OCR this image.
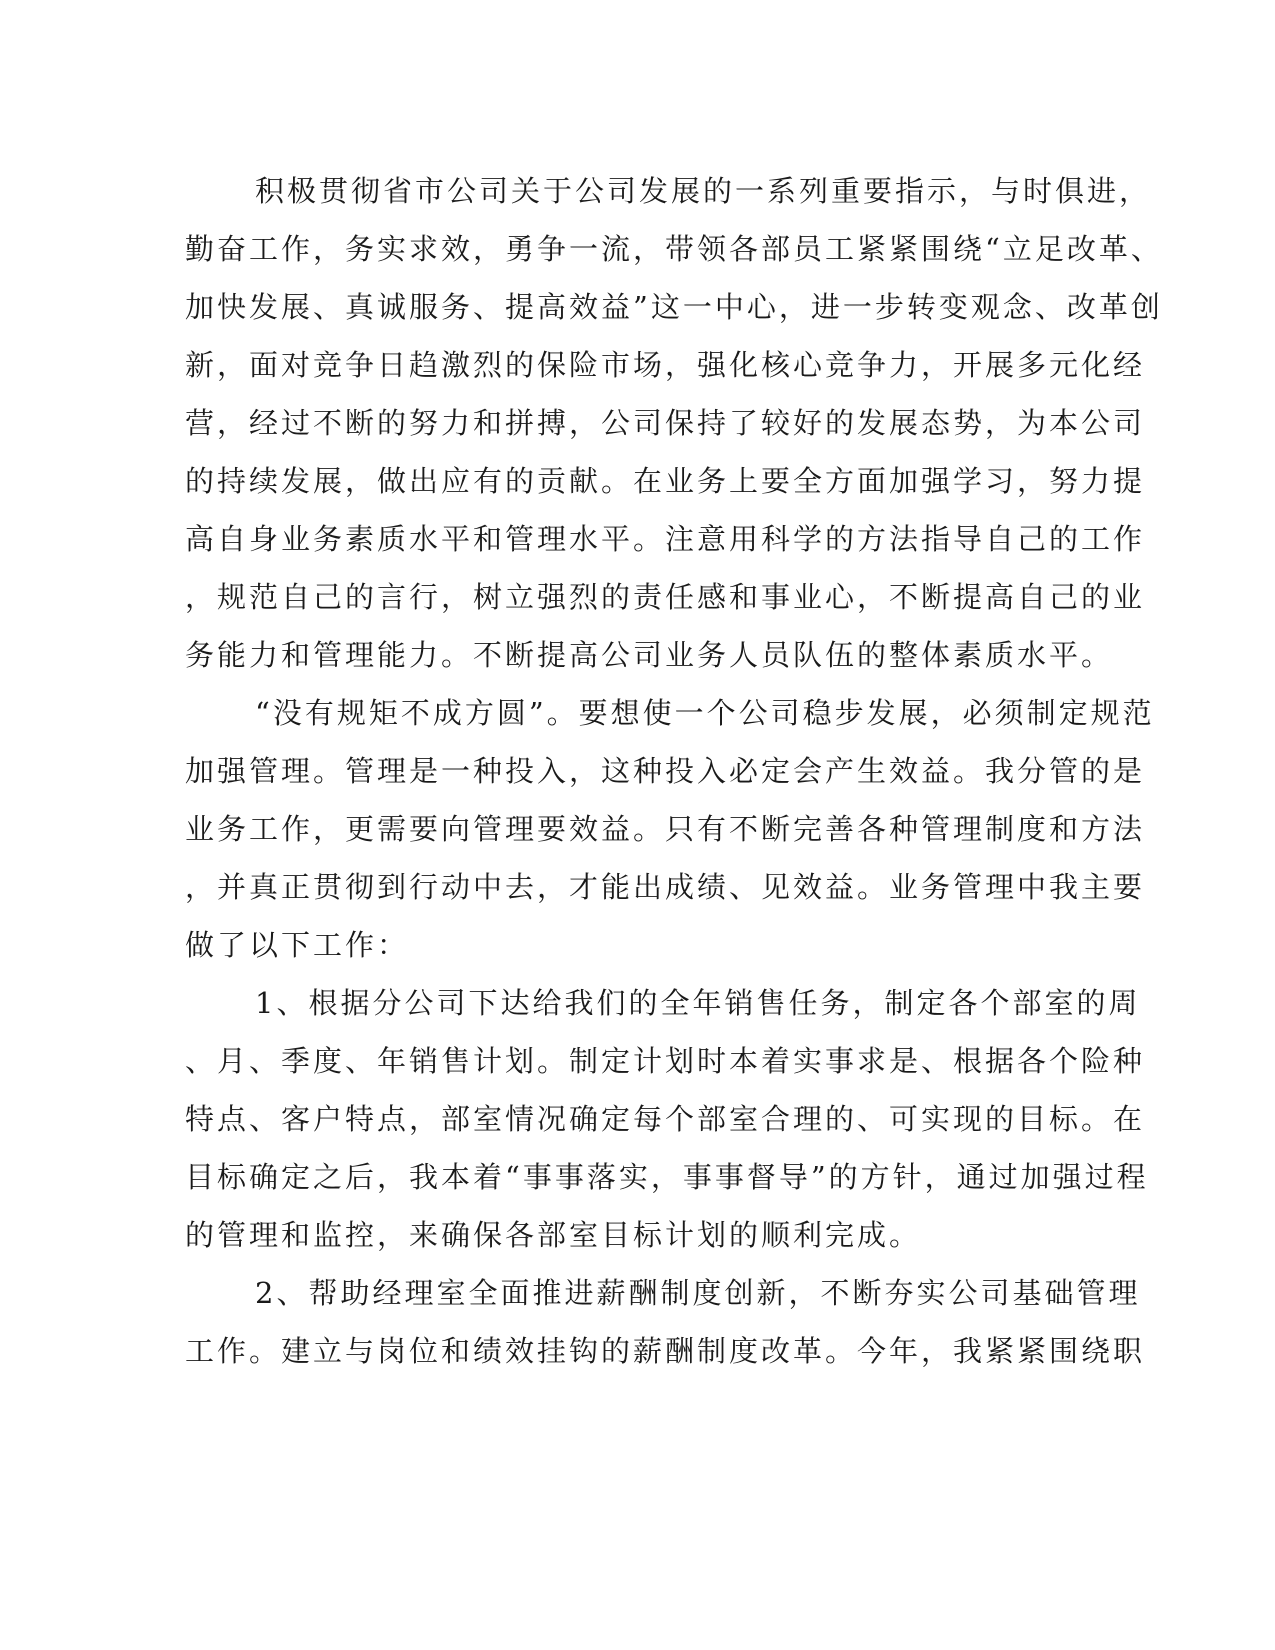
积极贯彻省市公司关于公司发展的一系列重要指示，与时俱进，
勤奋工作，务实求效，勇争一流，带领各部员工紧紧围绕“立足改革、
加快发展、真诚服务、提高效益”这一中心，进一步转变观念、改革创
新，面对竞争日趋激烈的保险市场，强化核心竞争力，开展多元化经
营，经过不断的努力和拼搏，公司保持了较好的发展态势，为本公司
的持续发展，做出应有的贡献。在业务上要全方面加强学习，努力提
高自身业务素质水平和管理水平。注意用科学的方法指导自己的工作
，规范自己的言行，树立强烈的责任感和事业心，不断提高自己的业
务能力和管理能力。不断提高公司业务人员队伍的整体素质水平。
“没有规矩不成方圆”。要想使一个公司稳步发展，必须制定规范
加强管理。管理是一种投入，这种投入必定会产生效益。我分管的是
业务工作，更需要向管理要效益。只有不断完善各种管理制度和方法
，并真正贯彻到行动中去，才能出成绩、见效益。业务管理中我主要
做了以下工作：
1、根据分公司下达给我们的全年销售任务，制定各个部室的周
、月、季度、年销售计划。制定计划时本着实事求是、根据各个险种
特点、客户特点，部室情况确定每个部室合理的、可实现的目标。在
目标确定之后，我本着“事事落实，事事督导”的方针，通过加强过程
的管理和监控，来确保各部室目标计划的顺利完成。
2、帮助经理室全面推进薪酬制度创新，不断夯实公司基础管理
工作。建立与岗位和绩效挂钩的薪酬制度改革。今年，我紧紧围绕职
